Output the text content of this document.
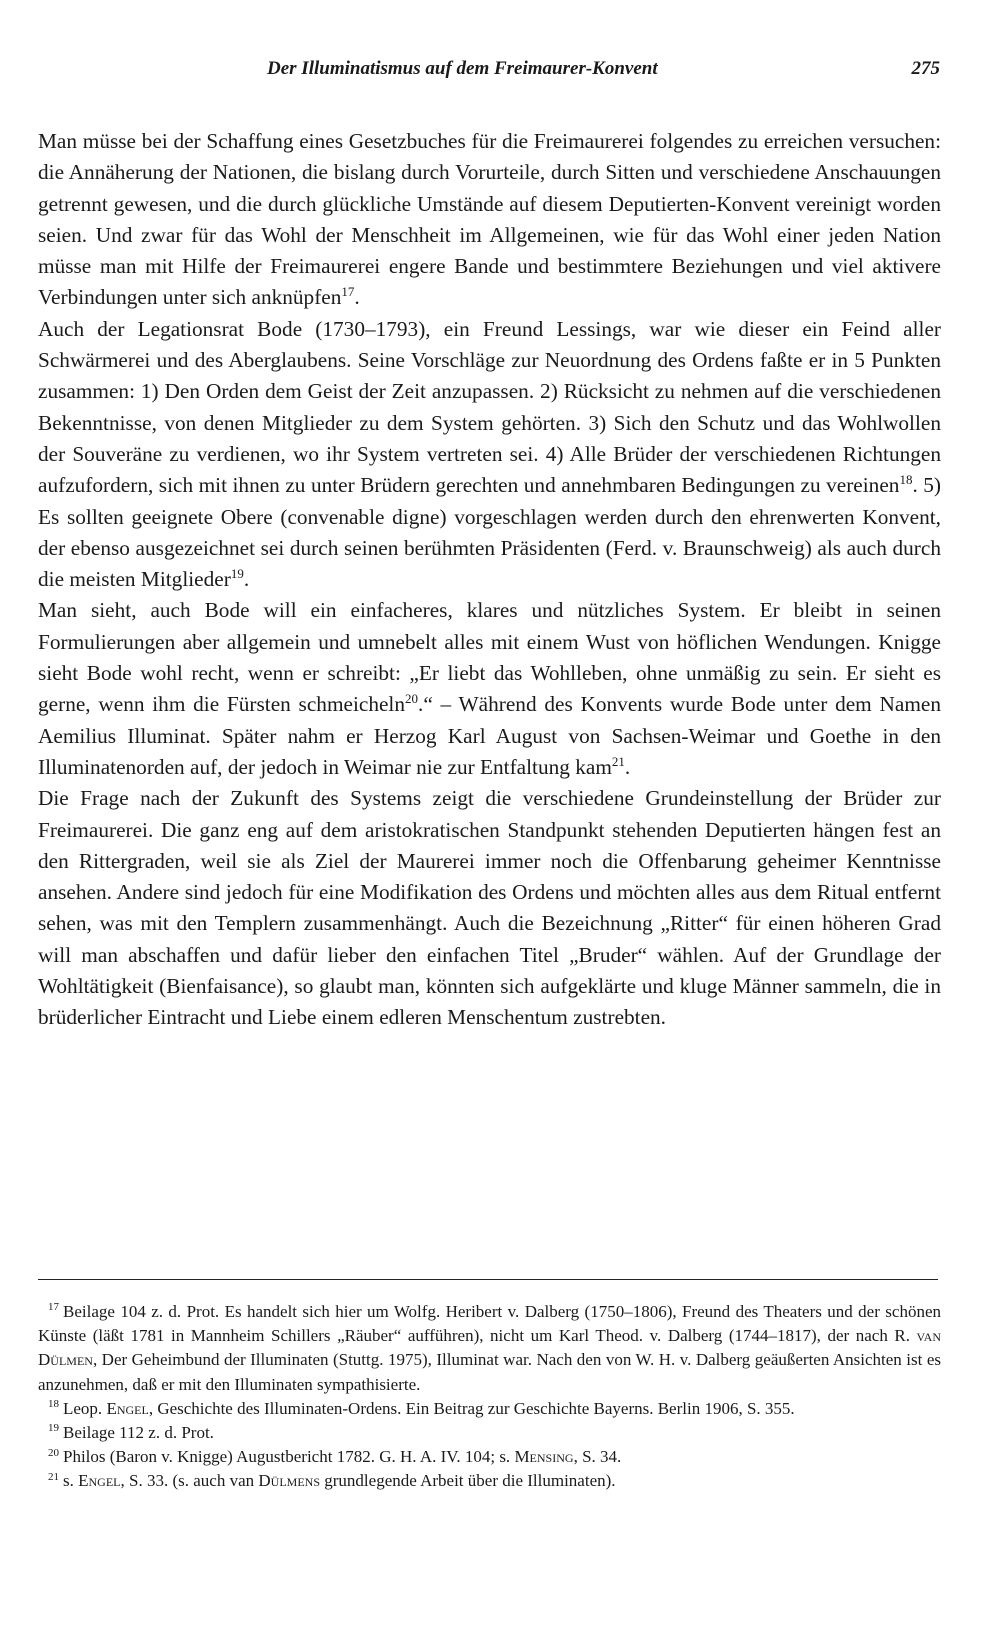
Der Illuminatismus auf dem Freimaurer-Konvent	275

Man müsse bei der Schaffung eines Gesetzbuches für die Freimaurerei folgendes zu erreichen versuchen: die Annäherung der Nationen, die bislang durch Vorurteile, durch Sitten und verschiedene Anschauungen getrennt gewesen, und die durch glückliche Umstände auf diesem Deputierten-Konvent vereinigt worden seien. Und zwar für das Wohl der Menschheit im Allgemeinen, wie für das Wohl einer jeden Nation müsse man mit Hilfe der Freimaurerei engere Bande und bestimmtere Beziehungen und viel aktivere Verbindungen unter sich anknüpfen$^{17}$.

Auch der Legationsrat Bode (1730–1793), ein Freund Lessings, war wie dieser ein Feind aller Schwärmerei und des Aberglaubens. Seine Vorschläge zur Neuordnung des Ordens faßte er in 5 Punkten zusammen: 1) Den Orden dem Geist der Zeit anzupassen. 2) Rücksicht zu nehmen auf die verschiedenen Bekenntnisse, von denen Mitglieder zu dem System gehörten. 3) Sich den Schutz und das Wohlwollen der Souveräne zu verdienen, wo ihr System vertreten sei. 4) Alle Brüder der verschiedenen Richtungen aufzufordern, sich mit ihnen zu unter Brüdern gerechten und annehmbaren Bedingungen zu vereinen$^{18}$. 5) Es sollten geeignete Obere (convenable digne) vorgeschlagen werden durch den ehrenwerten Konvent, der ebenso ausgezeichnet sei durch seinen berühmten Präsidenten (Ferd. v. Braunschweig) als auch durch die meisten Mitglieder$^{19}$.

Man sieht, auch Bode will ein einfacheres, klares und nützliches System. Er bleibt in seinen Formulierungen aber allgemein und umnebelt alles mit einem Wust von höflichen Wendungen. Knigge sieht Bode wohl recht, wenn er schreibt: „Er liebt das Wohlleben, ohne unmäßig zu sein. Er sieht es gerne, wenn ihm die Fürsten schmeicheln$^{20}$.“ – Während des Konvents wurde Bode unter dem Namen Aemilius Illuminat. Später nahm er Herzog Karl August von Sachsen-Weimar und Goethe in den Illuminatenorden auf, der jedoch in Weimar nie zur Entfaltung kam$^{21}$.

Die Frage nach der Zukunft des Systems zeigt die verschiedene Grundeinstellung der Brüder zur Freimaurerei. Die ganz eng auf dem aristokratischen Standpunkt stehenden Deputierten hängen fest an den Rittergraden, weil sie als Ziel der Maurerei immer noch die Offenbarung geheimer Kenntnisse ansehen. Andere sind jedoch für eine Modifikation des Ordens und möchten alles aus dem Ritual entfernt sehen, was mit den Templern zusammenhängt. Auch die Bezeichnung „Ritter“ für einen höheren Grad will man abschaffen und dafür lieber den einfachen Titel „Bruder“ wählen. Auf der Grundlage der Wohltätigkeit (Bienfaisance), so glaubt man, könnten sich aufgeklärte und kluge Männer sammeln, die in brüderlicher Eintracht und Liebe einem edleren Menschentum zustrebten.

$^{17}$ Beilage 104 z. d. Prot. Es handelt sich hier um Wolfg. Heribert v. Dalberg (1750–1806), Freund des Theaters und der schönen Künste (läßt 1781 in Mannheim Schillers „Räuber“ aufführen), nicht um Karl Theod. v. Dalberg (1744–1817), der nach R. van Dülmen, Der Geheimbund der Illuminaten (Stuttg. 1975), Illuminat war. Nach den von W. H. v. Dalberg geäußerten Ansichten ist es anzunehmen, daß er mit den Illuminaten sympathisierte.

$^{18}$ Leop. Engel, Geschichte des Illuminaten-Ordens. Ein Beitrag zur Geschichte Bayerns. Berlin 1906, S. 355.

$^{19}$ Beilage 112 z. d. Prot.

$^{20}$ Philos (Baron v. Knigge) Augustbericht 1782. G. H. A. IV. 104; s. Mensing, S. 34.

$^{21}$ s. Engel, S. 33. (s. auch van Dülmens grundlegende Arbeit über die Illuminaten).
